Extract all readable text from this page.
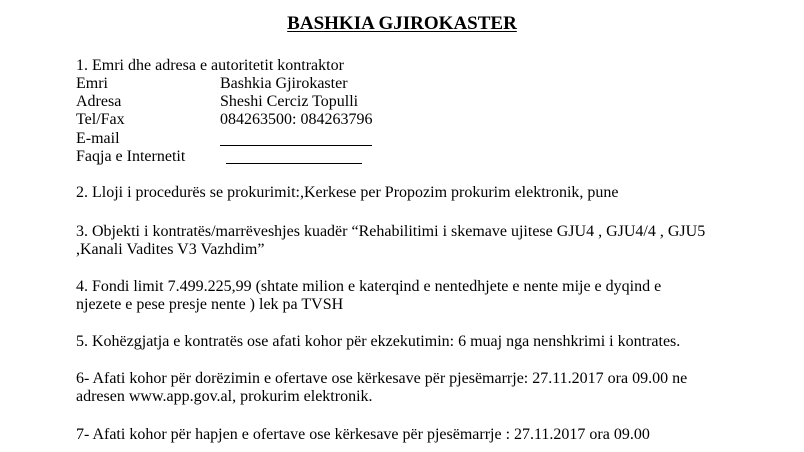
BASHKIA GJIROKASTER
1. Emri dhe adresa e autoritetit kontraktor
Emri	Bashkia Gjirokaster
Adresa	Sheshi Cerciz Topulli
Tel/Fax	084263500: 084263796
E-mail
Faqja e Internetit
2. Lloji i procedurës se prokurimit:,Kerkese per Propozim prokurim elektronik, pune
3. Objekti i kontratës/marrëveshjes kuadër “Rehabilitimi i skemave ujitese GJU4 , GJU4/4 , GJU5
,Kanali Vadites V3 Vazhdim”
4. Fondi limit 7.499.225,99 (shtate milion e katerqind e nentedhjete e nente mije e dyqind e
njezete e pese presje nente ) lek pa TVSH
5. Kohëzgjatja e kontratës ose afati kohor për ekzekutimin: 6 muaj nga nenshkrimi i kontrates.
6- Afati kohor për dorëzimin e ofertave ose kërkesave për pjesëmarrje: 27.11.2017 ora 09.00 ne
adresen www.app.gov.al, prokurim elektronik.
7- Afati kohor për hapjen e ofertave ose kërkesave për pjesëmarrje : 27.11.2017 ora 09.00
